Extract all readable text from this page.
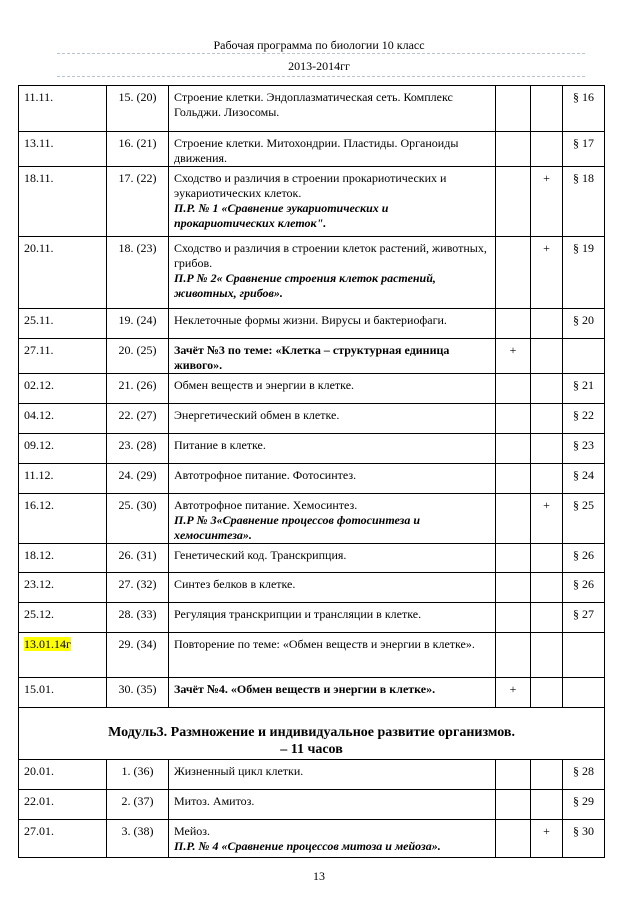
Рабочая программа по биологии 10 класс
2013-2014гг
11.11.	15. (20)	Строение клетки. Эндоплазматическая сеть. Комплекс Гольджи. Лизосомы.			§ 16
13.11.	16. (21)	Строение клетки. Митохондрии. Пластиды. Органоиды движения.			§ 17
18.11.	17. (22)	Сходство и различия в строении прокариотических и эукариотических клеток.
П.Р. № 1 «Сравнение эукариотических и прокариотических клеток".		+	§ 18
20.11.	18. (23)	Сходство и различия в строении клеток растений, животных, грибов.
П.Р № 2« Сравнение строения клеток растений, животных, грибов».		+	§ 19
25.11.	19. (24)	Неклеточные формы жизни. Вирусы и бактериофаги.			§ 20
27.11.	20. (25)	Зачёт №3 по теме: «Клетка – структурная единица живого».	+		
02.12.	21. (26)	Обмен веществ и энергии в клетке.			§ 21
04.12.	22. (27)	Энергетический обмен в клетке.			§ 22
09.12.	23. (28)	Питание в клетке.			§ 23
11.12.	24. (29)	Автотрофное питание. Фотосинтез.			§ 24
16.12.	25. (30)	Автотрофное питание. Хемосинтез.
П.Р № 3«Сравнение процессов фотосинтеза и хемосинтеза».		+	§ 25
18.12.	26. (31)	Генетический код. Транскрипция.			§ 26
23.12.	27. (32)	Синтез белков в клетке.			§ 26
25.12.	28. (33)	Регуляция транскрипции и трансляции в клетке.			§ 27
13.01.14г	29. (34)	Повторение по теме: «Обмен веществ и энергии в клетке».			
15.01.	30. (35)	Зачёт №4. «Обмен веществ и энергии в клетке».	+		
Модуль3. Размножение и индивидуальное развитие организмов.
– 11 часов					
20.01.	1. (36)	Жизненный цикл клетки.			§ 28
22.01.	2. (37)	Митоз. Амитоз.			§ 29
27.01.	3. (38)	Мейоз.
П.Р. № 4 «Сравнение процессов митоза и мейоза».		+	§ 30
13
